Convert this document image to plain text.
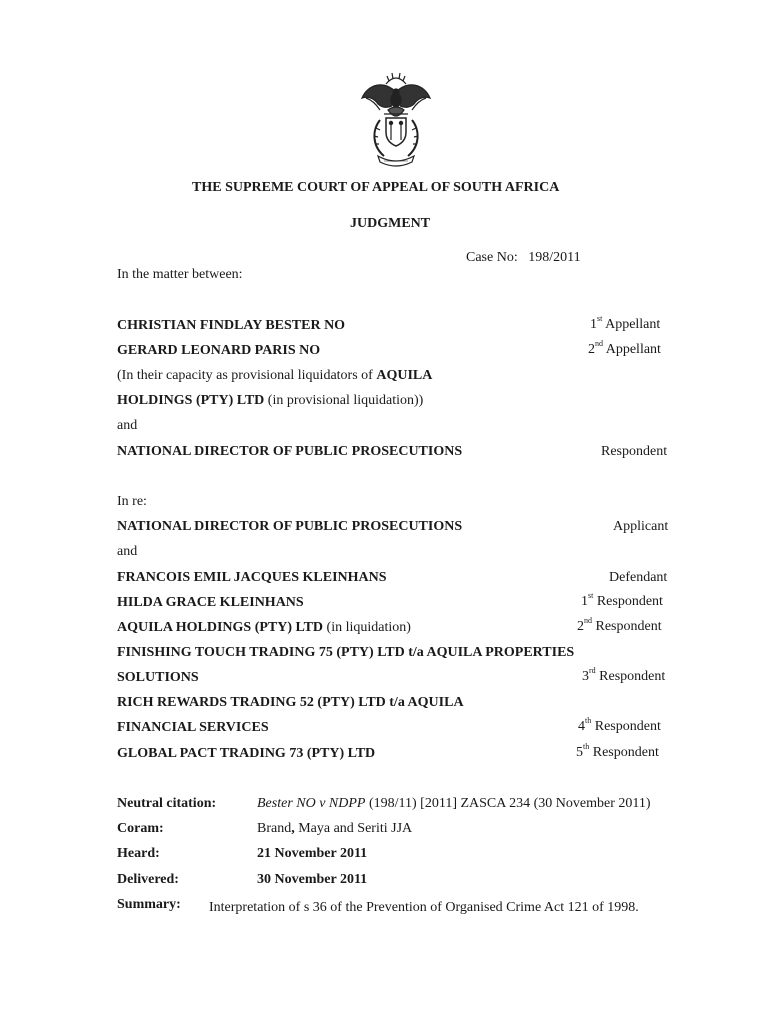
THE SUPREME COURT OF APPEAL OF SOUTH AFRICA
JUDGMENT
Case No: 198/2011
In the matter between:
CHRISTIAN FINDLAY BESTER NO	1st Appellant
GERARD LEONARD PARIS NO	2nd Appellant
(In their capacity as provisional liquidators of AQUILA
HOLDINGS (PTY) LTD (in provisional liquidation))
and
NATIONAL DIRECTOR OF PUBLIC PROSECUTIONS	Respondent
In re:
NATIONAL DIRECTOR OF PUBLIC PROSECUTIONS	Applicant
and
FRANCOIS EMIL JACQUES KLEINHANS	Defendant
HILDA GRACE KLEINHANS	1st Respondent
AQUILA HOLDINGS (PTY) LTD (in liquidation)	2nd Respondent
FINISHING TOUCH TRADING 75 (PTY) LTD t/a AQUILA PROPERTIES
SOLUTIONS	3rd Respondent
RICH REWARDS TRADING 52 (PTY) LTD t/a AQUILA
FINANCIAL SERVICES	4th Respondent
GLOBAL PACT TRADING 73 (PTY) LTD	5th Respondent
Neutral citation:	Bester NO v NDPP (198/11) [2011] ZASCA 234 (30 November 2011)
Coram:	Brand, Maya and Seriti JJA
Heard:	21 November 2011
Delivered:	30 November 2011
Summary: Interpretation of s 36 of the Prevention of Organised Crime Act 121 of 1998.
